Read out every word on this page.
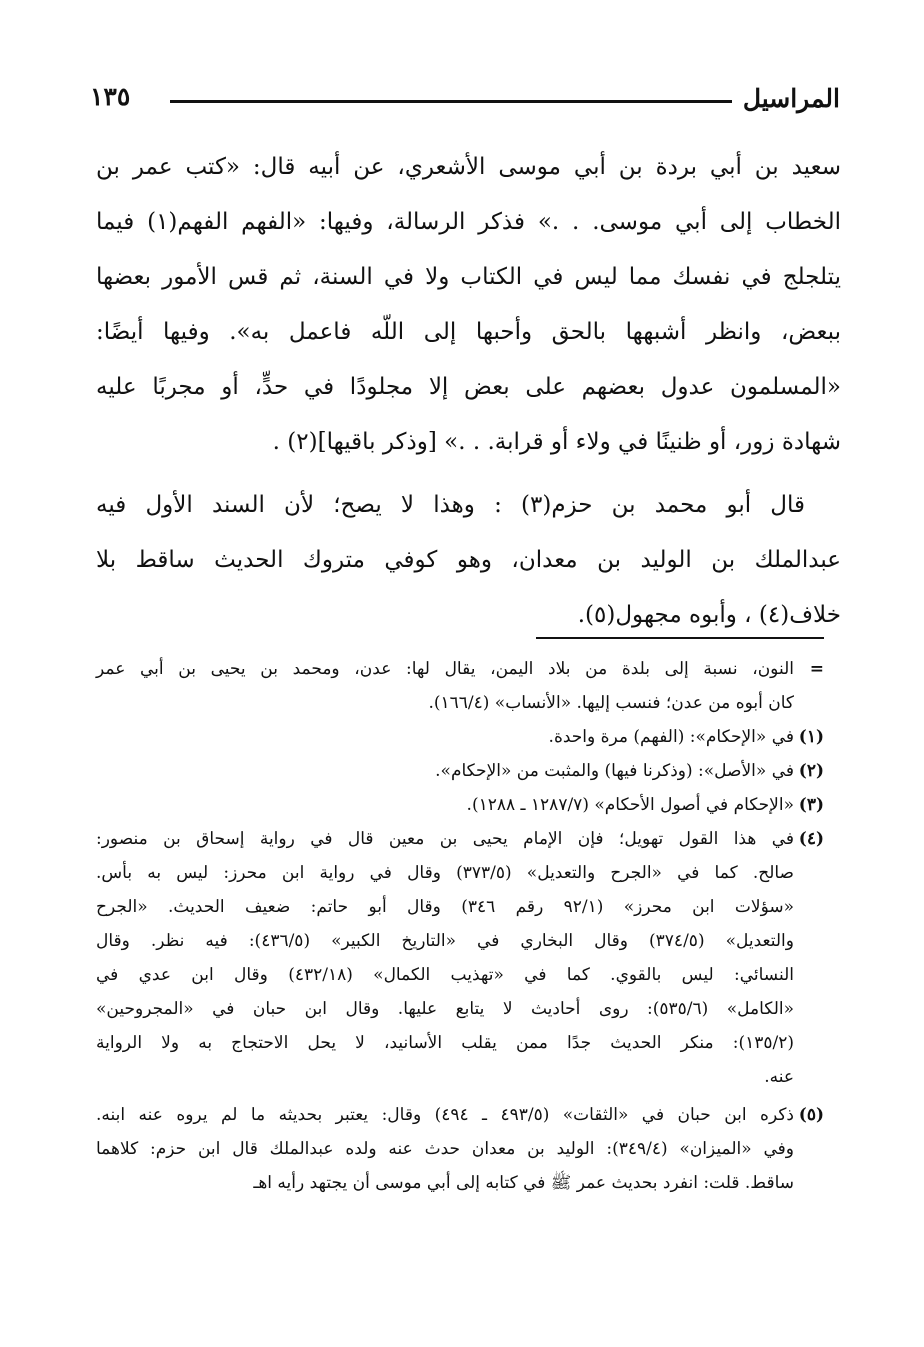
المراسيل
١٣٥
سعيد بن أبي بردة بن أبي موسى الأشعري، عن أبيه قال: «كتب عمر بن
الخطاب إلى أبي موسى. . .» فذكر الرسالة، وفيها: «الفهم الفهم(١) فيما
يتلجلج في نفسك مما ليس في الكتاب ولا في السنة، ثم قس الأمور بعضها
ببعض، وانظر أشبهها بالحق وأحبها إلى اللّه فاعمل به». وفيها أيضًا:
«المسلمون عدول بعضهم على بعض إلا مجلودًا في حدٍّ، أو مجربًا عليه
شهادة زور، أو ظنينًا في ولاء أو قرابة. . .» [وذكر باقيها](٢) .
قال أبو محمد بن حزم(٣) : وهذا لا يصح؛ لأن السند الأول فيه
عبدالملك بن الوليد بن معدان، وهو كوفي متروك الحديث ساقط بلا
خلاف(٤) ، وأبوه مجهول(٥).
=
النون، نسبة إلى بلدة من بلاد اليمن، يقال لها: عدن، ومحمد بن يحيى بن أبي عمر
كان أبوه من عدن؛ فنسب إليها. «الأنساب» (١٦٦/٤).
(١)
في «الإحكام»: (الفهم) مرة واحدة.
(٢)
في «الأصل»: (وذكرنا فيها) والمثبت من «الإحكام».
(٣)
«الإحكام في أصول الأحكام» (١٢٨٧/٧ ـ ١٢٨٨).
(٤)
في هذا القول تهويل؛ فإن الإمام يحيى بن معين قال في رواية إسحاق بن منصور:
صالح. كما في «الجرح والتعديل» (٣٧٣/٥) وقال في رواية ابن محرز: ليس به بأس.
«سؤلات ابن محرز» (٩٢/١ رقم ٣٤٦) وقال أبو حاتم: ضعيف الحديث. «الجرح
والتعديل» (٣٧٤/٥) وقال البخاري في «التاريخ الكبير» (٤٣٦/٥): فيه نظر. وقال
النسائي: ليس بالقوي. كما في «تهذيب الكمال» (٤٣٢/١٨) وقال ابن عدي في
«الكامل» (٥٣٥/٦): روى أحاديث لا يتابع عليها. وقال ابن حبان في «المجروحين»
(١٣٥/٢): منكر الحديث جدًا ممن يقلب الأسانيد، لا يحل الاحتجاج به ولا الرواية
عنه.
(٥)
ذكره ابن حبان في «الثقات» (٤٩٣/٥ ـ ٤٩٤) وقال: يعتبر بحديثه ما لم يروه عنه ابنه.
وفي «الميزان» (٣٤٩/٤): الوليد بن معدان حدث عنه ولده عبدالملك قال ابن حزم: كلاهما
ساقط. قلت: انفرد بحديث عمر ﷺ في كتابه إلى أبي موسى أن يجتهد رأيه اهـ
